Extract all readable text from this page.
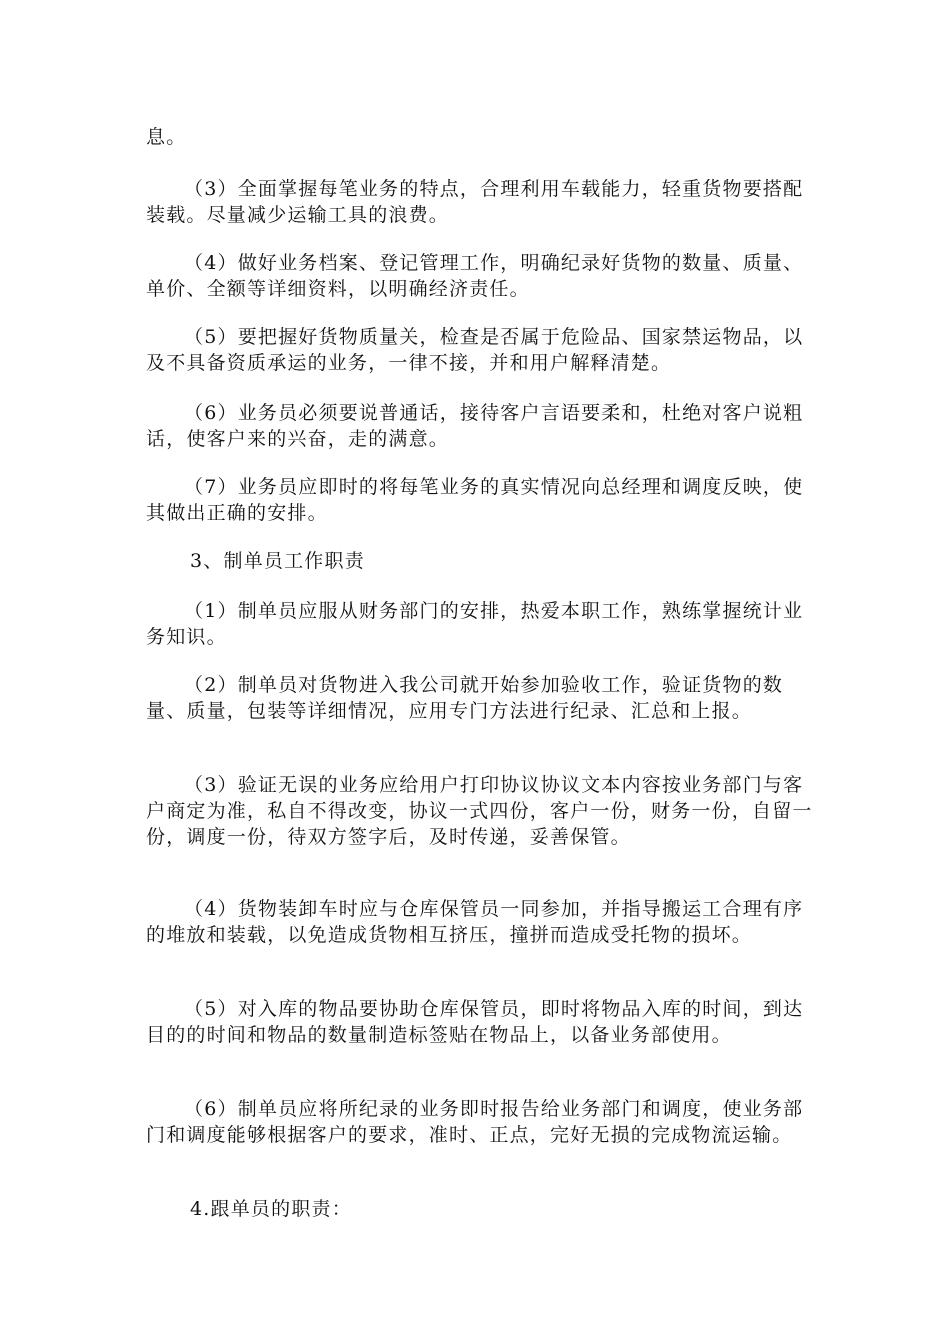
息。

（3）全面掌握每笔业务的特点，合理利用车载能力，轻重货物要搭配装载。尽量减少运输工具的浪费。

（4）做好业务档案、登记管理工作，明确纪录好货物的数量、质量、单价、全额等详细资料，以明确经济责任。

（5）要把握好货物质量关，检查是否属于危险品、国家禁运物品，以及不具备资质承运的业务，一律不接，并和用户解释清楚。

（6）业务员必须要说普通话，接待客户言语要柔和，杜绝对客户说粗话，使客户来的兴奋，走的满意。

（7）业务员应即时的将每笔业务的真实情况向总经理和调度反映，使其做出正确的安排。

3、制单员工作职责

（1）制单员应服从财务部门的安排，热爱本职工作，熟练掌握统计业务知识。

（2）制单员对货物进入我公司就开始参加验收工作，验证货物的数量、质量，包装等详细情况，应用专门方法进行纪录、汇总和上报。

（3）验证无误的业务应给用户打印协议协议文本内容按业务部门与客户商定为准，私自不得改变，协议一式四份，客户一份，财务一份，自留一份，调度一份，待双方签字后，及时传递，妥善保管。

（4）货物装卸车时应与仓库保管员一同参加，并指导搬运工合理有序的堆放和装载，以免造成货物相互挤压，撞拼而造成受托物的损坏。

（5）对入库的物品要协助仓库保管员，即时将物品入库的时间，到达目的的时间和物品的数量制造标签贴在物品上，以备业务部使用。

（6）制单员应将所纪录的业务即时报告给业务部门和调度，使业务部门和调度能够根据客户的要求，准时、正点，完好无损的完成物流运输。

4.跟单员的职责：
